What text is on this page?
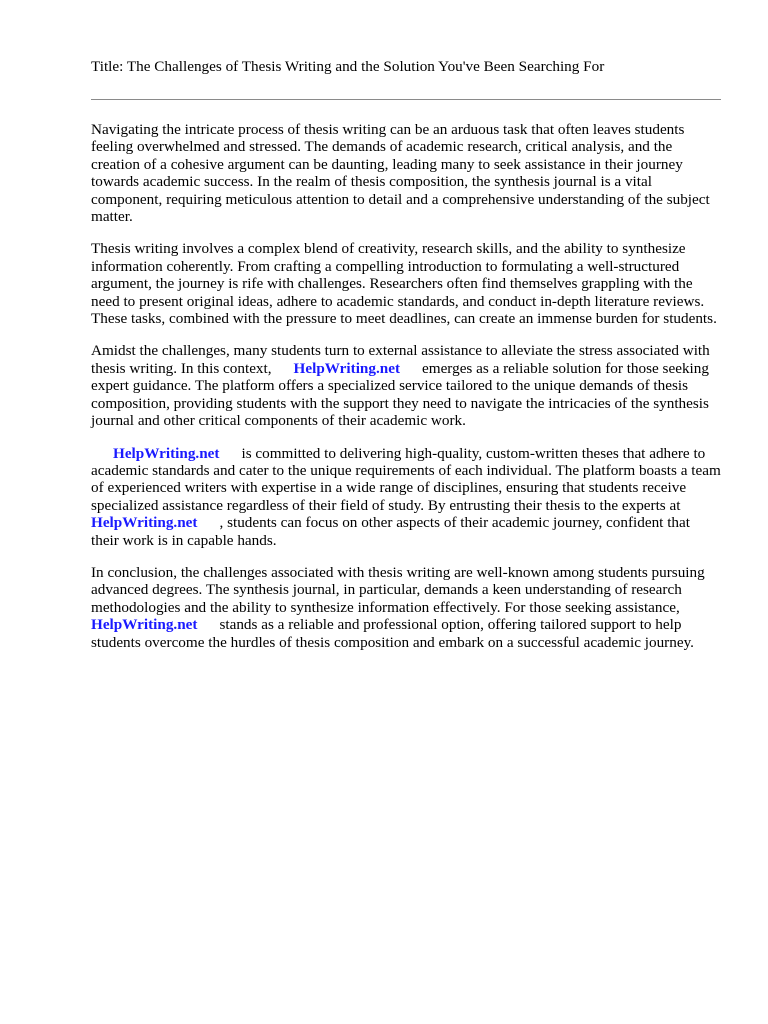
Title: The Challenges of Thesis Writing and the Solution You've Been Searching For

Navigating the intricate process of thesis writing can be an arduous task that often leaves students feeling overwhelmed and stressed. The demands of academic research, critical analysis, and the creation of a cohesive argument can be daunting, leading many to seek assistance in their journey towards academic success. In the realm of thesis composition, the synthesis journal is a vital component, requiring meticulous attention to detail and a comprehensive understanding of the subject matter.

Thesis writing involves a complex blend of creativity, research skills, and the ability to synthesize information coherently. From crafting a compelling introduction to formulating a well-structured argument, the journey is rife with challenges. Researchers often find themselves grappling with the need to present original ideas, adhere to academic standards, and conduct in-depth literature reviews. These tasks, combined with the pressure to meet deadlines, can create an immense burden for students.

Amidst the challenges, many students turn to external assistance to alleviate the stress associated with thesis writing. In this context, HelpWriting.net emerges as a reliable solution for those seeking expert guidance. The platform offers a specialized service tailored to the unique demands of thesis composition, providing students with the support they need to navigate the intricacies of the synthesis journal and other critical components of their academic work.

HelpWriting.net is committed to delivering high-quality, custom-written theses that adhere to academic standards and cater to the unique requirements of each individual. The platform boasts a team of experienced writers with expertise in a wide range of disciplines, ensuring that students receive specialized assistance regardless of their field of study. By entrusting their thesis to the experts atHelpWriting.net , students can focus on other aspects of their academic journey, confident that their work is in capable hands.

In conclusion, the challenges associated with thesis writing are well-known among students pursuing advanced degrees. The synthesis journal, in particular, demands a keen understanding of research methodologies and the ability to synthesize information effectively. For those seeking assistance, HelpWriting.net stands as a reliable and professional option, offering tailored support to help students overcome the hurdles of thesis composition and embark on a successful academic journey.
